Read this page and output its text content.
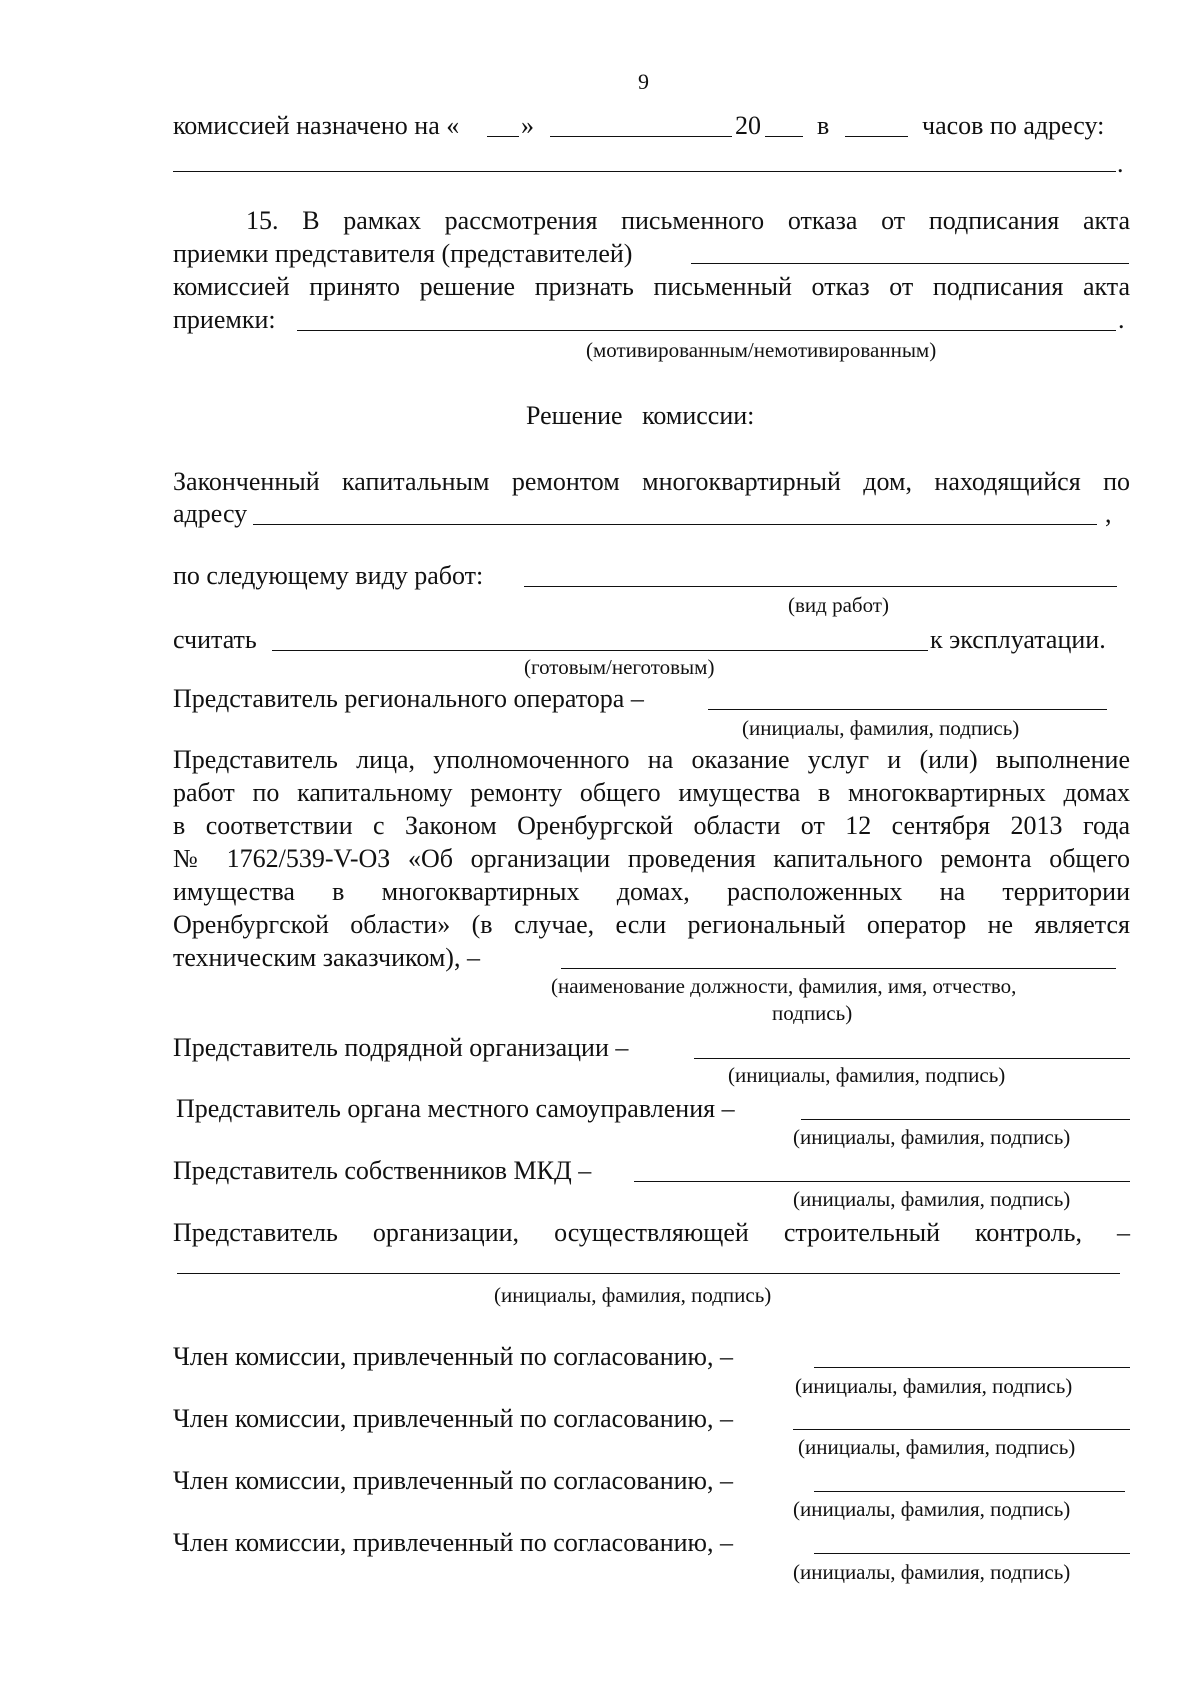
9
комиссией назначено на « »	20 в	часов по адресу:
.
15. В рамках рассмотрения письменного отказа от подписания акта
приемки представителя (представителей)
комиссией принято решение признать письменный отказ от подписания акта
приемки:	.
(мотивированным/немотивированным)
Решение   комиссии:
Законченный капитальным ремонтом многоквартирный дом, находящийся по
адресу	,
по следующему виду работ:
(вид работ)
считать	к эксплуатации.
(готовым/неготовым)
Представитель регионального оператора –
(инициалы, фамилия, подпись)
Представитель лица, уполномоченного на оказание услуг и (или) выполнение
работ по капитальному ремонту общего имущества в многоквартирных домах
в соответствии с Законом Оренбургской области от 12 сентября 2013 года
№ 1762/539-V-ОЗ «Об организации проведения капитального ремонта общего
имущества в многоквартирных домах, расположенных на территории
Оренбургской области» (в случае, если региональный оператор не является
техническим заказчиком), –
(наименование должности, фамилия, имя, отчество,
подпись)
Представитель подрядной организации –
(инициалы, фамилия, подпись)
Представитель органа местного самоуправления –
(инициалы, фамилия, подпись)
Представитель собственников МКД –
(инициалы, фамилия, подпись)
Представитель организации, осуществляющей строительный контроль, –
(инициалы, фамилия, подпись)
Член комиссии, привлеченный по согласованию, –
(инициалы, фамилия, подпись)
Член комиссии, привлеченный по согласованию, –
(инициалы, фамилия, подпись)
Член комиссии, привлеченный по согласованию, –
(инициалы, фамилия, подпись)
Член комиссии, привлеченный по согласованию, –
(инициалы, фамилия, подпись)
